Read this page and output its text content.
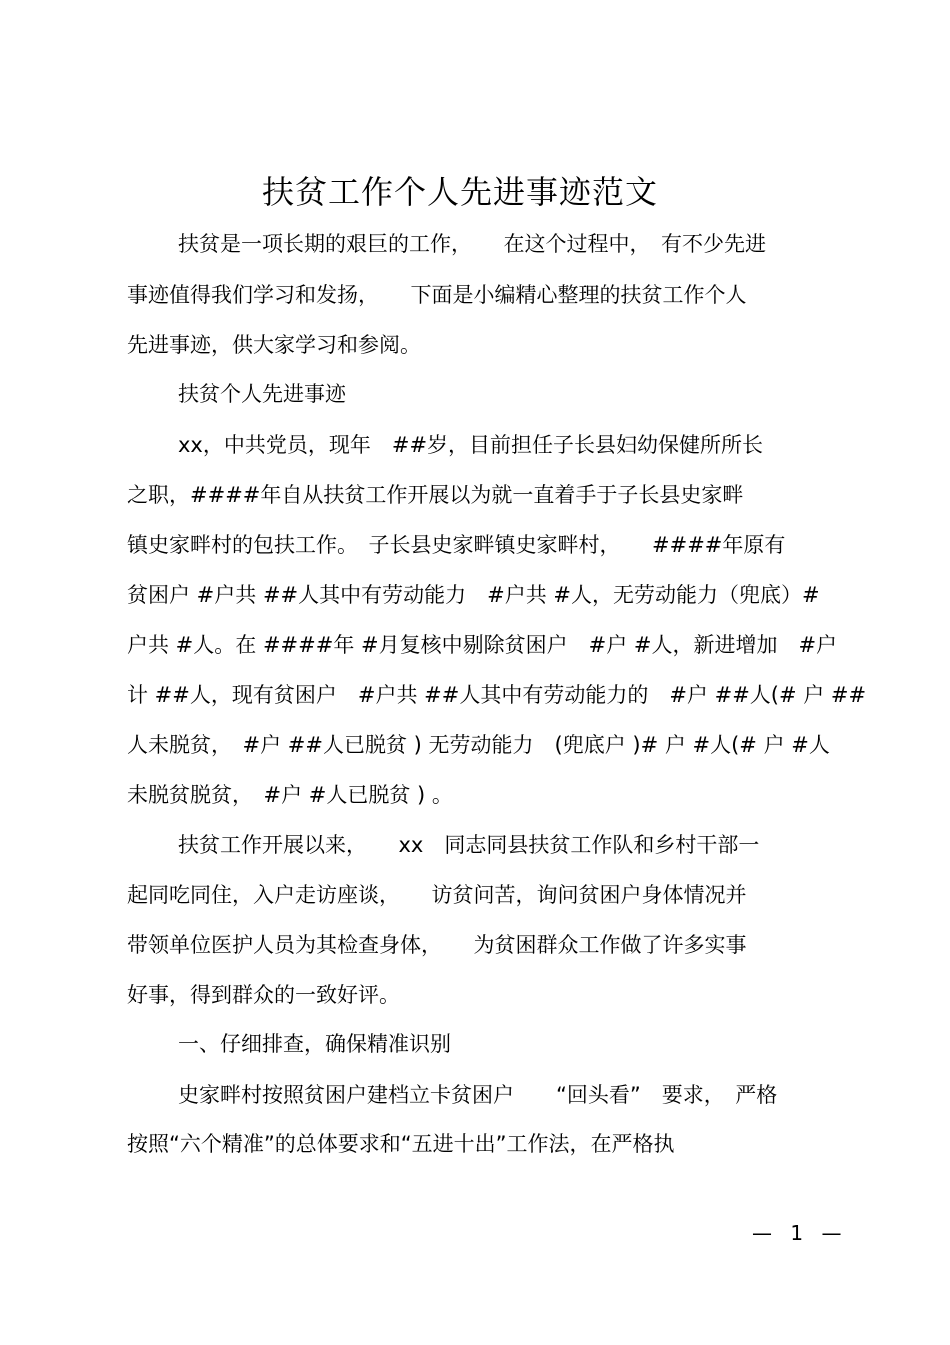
扶贫工作个人先进事迹范文
扶贫是一项长期的艰巨的工作，　　在这个过程中，　有不少先进
事迹值得我们学习和发扬，　　下面是小编精心整理的扶贫工作个人
先进事迹，供大家学习和参阅。
扶贫个人先进事迹
xx，中共党员，现年　##岁，目前担任子长县妇幼保健所所长
之职，####年自从扶贫工作开展以为就一直着手于子长县史家畔
镇史家畔村的包扶工作。　子长县史家畔镇史家畔村，　　####年原有
贫困户 #户共 ##人其中有劳动能力　#户共 #人，无劳动能力（兜底）#
户共 #人。在 ####年 #月复核中剔除贫困户　#户 #人，新进增加　#户
计 ##人，现有贫困户　#户共 ##人其中有劳动能力的　#户 ##人(# 户 ##
人未脱贫，　#户 ##人已脱贫 ) 无劳动能力　(兜底户 )# 户 #人(# 户 #人
未脱贫脱贫，　#户 #人已脱贫 ) 。
扶贫工作开展以来，　　xx　同志同县扶贫工作队和乡村干部一
起同吃同住，入户走访座谈，　　访贫问苦，询问贫困户身体情况并
带领单位医护人员为其检查身体，　　为贫困群众工作做了许多实事
好事，得到群众的一致好评。
一、仔细排查，确保精准识别
史家畔村按照贫困户建档立卡贫困户　　“回头看”　要求，　严格
按照“六个精准”的总体要求和“五进十出”工作法，在严格执
— 1 —
